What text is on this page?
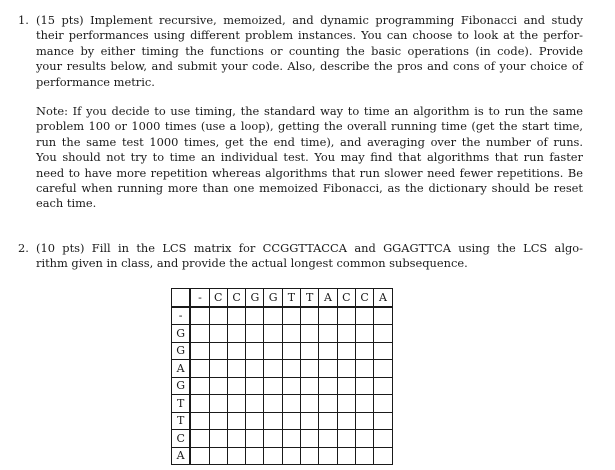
1. (15 pts) Implement recursive, memoized, and dynamic programming Fibonacci and study
their performances using different problem instances. You can choose to look at the perfor-
mance by either timing the functions or counting the basic operations (in code). Provide
your results below, and submit your code. Also, describe the pros and cons of your choice of
performance metric.
Note: If you decide to use timing, the standard way to time an algorithm is to run the same
problem 100 or 1000 times (use a loop), getting the overall running time (get the start time,
run the same test 1000 times, get the end time), and averaging over the number of runs.
You should not try to time an individual test. You may find that algorithms that run faster
need to have more repetition whereas algorithms that run slower need fewer repetitions. Be
careful when running more than one memoized Fibonacci, as the dictionary should be reset
each time.
2. (10 pts) Fill in the LCS matrix for CCGGTTACCA and GGAGTTCA using the LCS algo-
rithm given in class, and provide the actual longest common subsequence.
	-	C	C	G	G	T	T	A	C	C	A
-											
G											
G											
A											
G											
T											
T											
C											
A											
